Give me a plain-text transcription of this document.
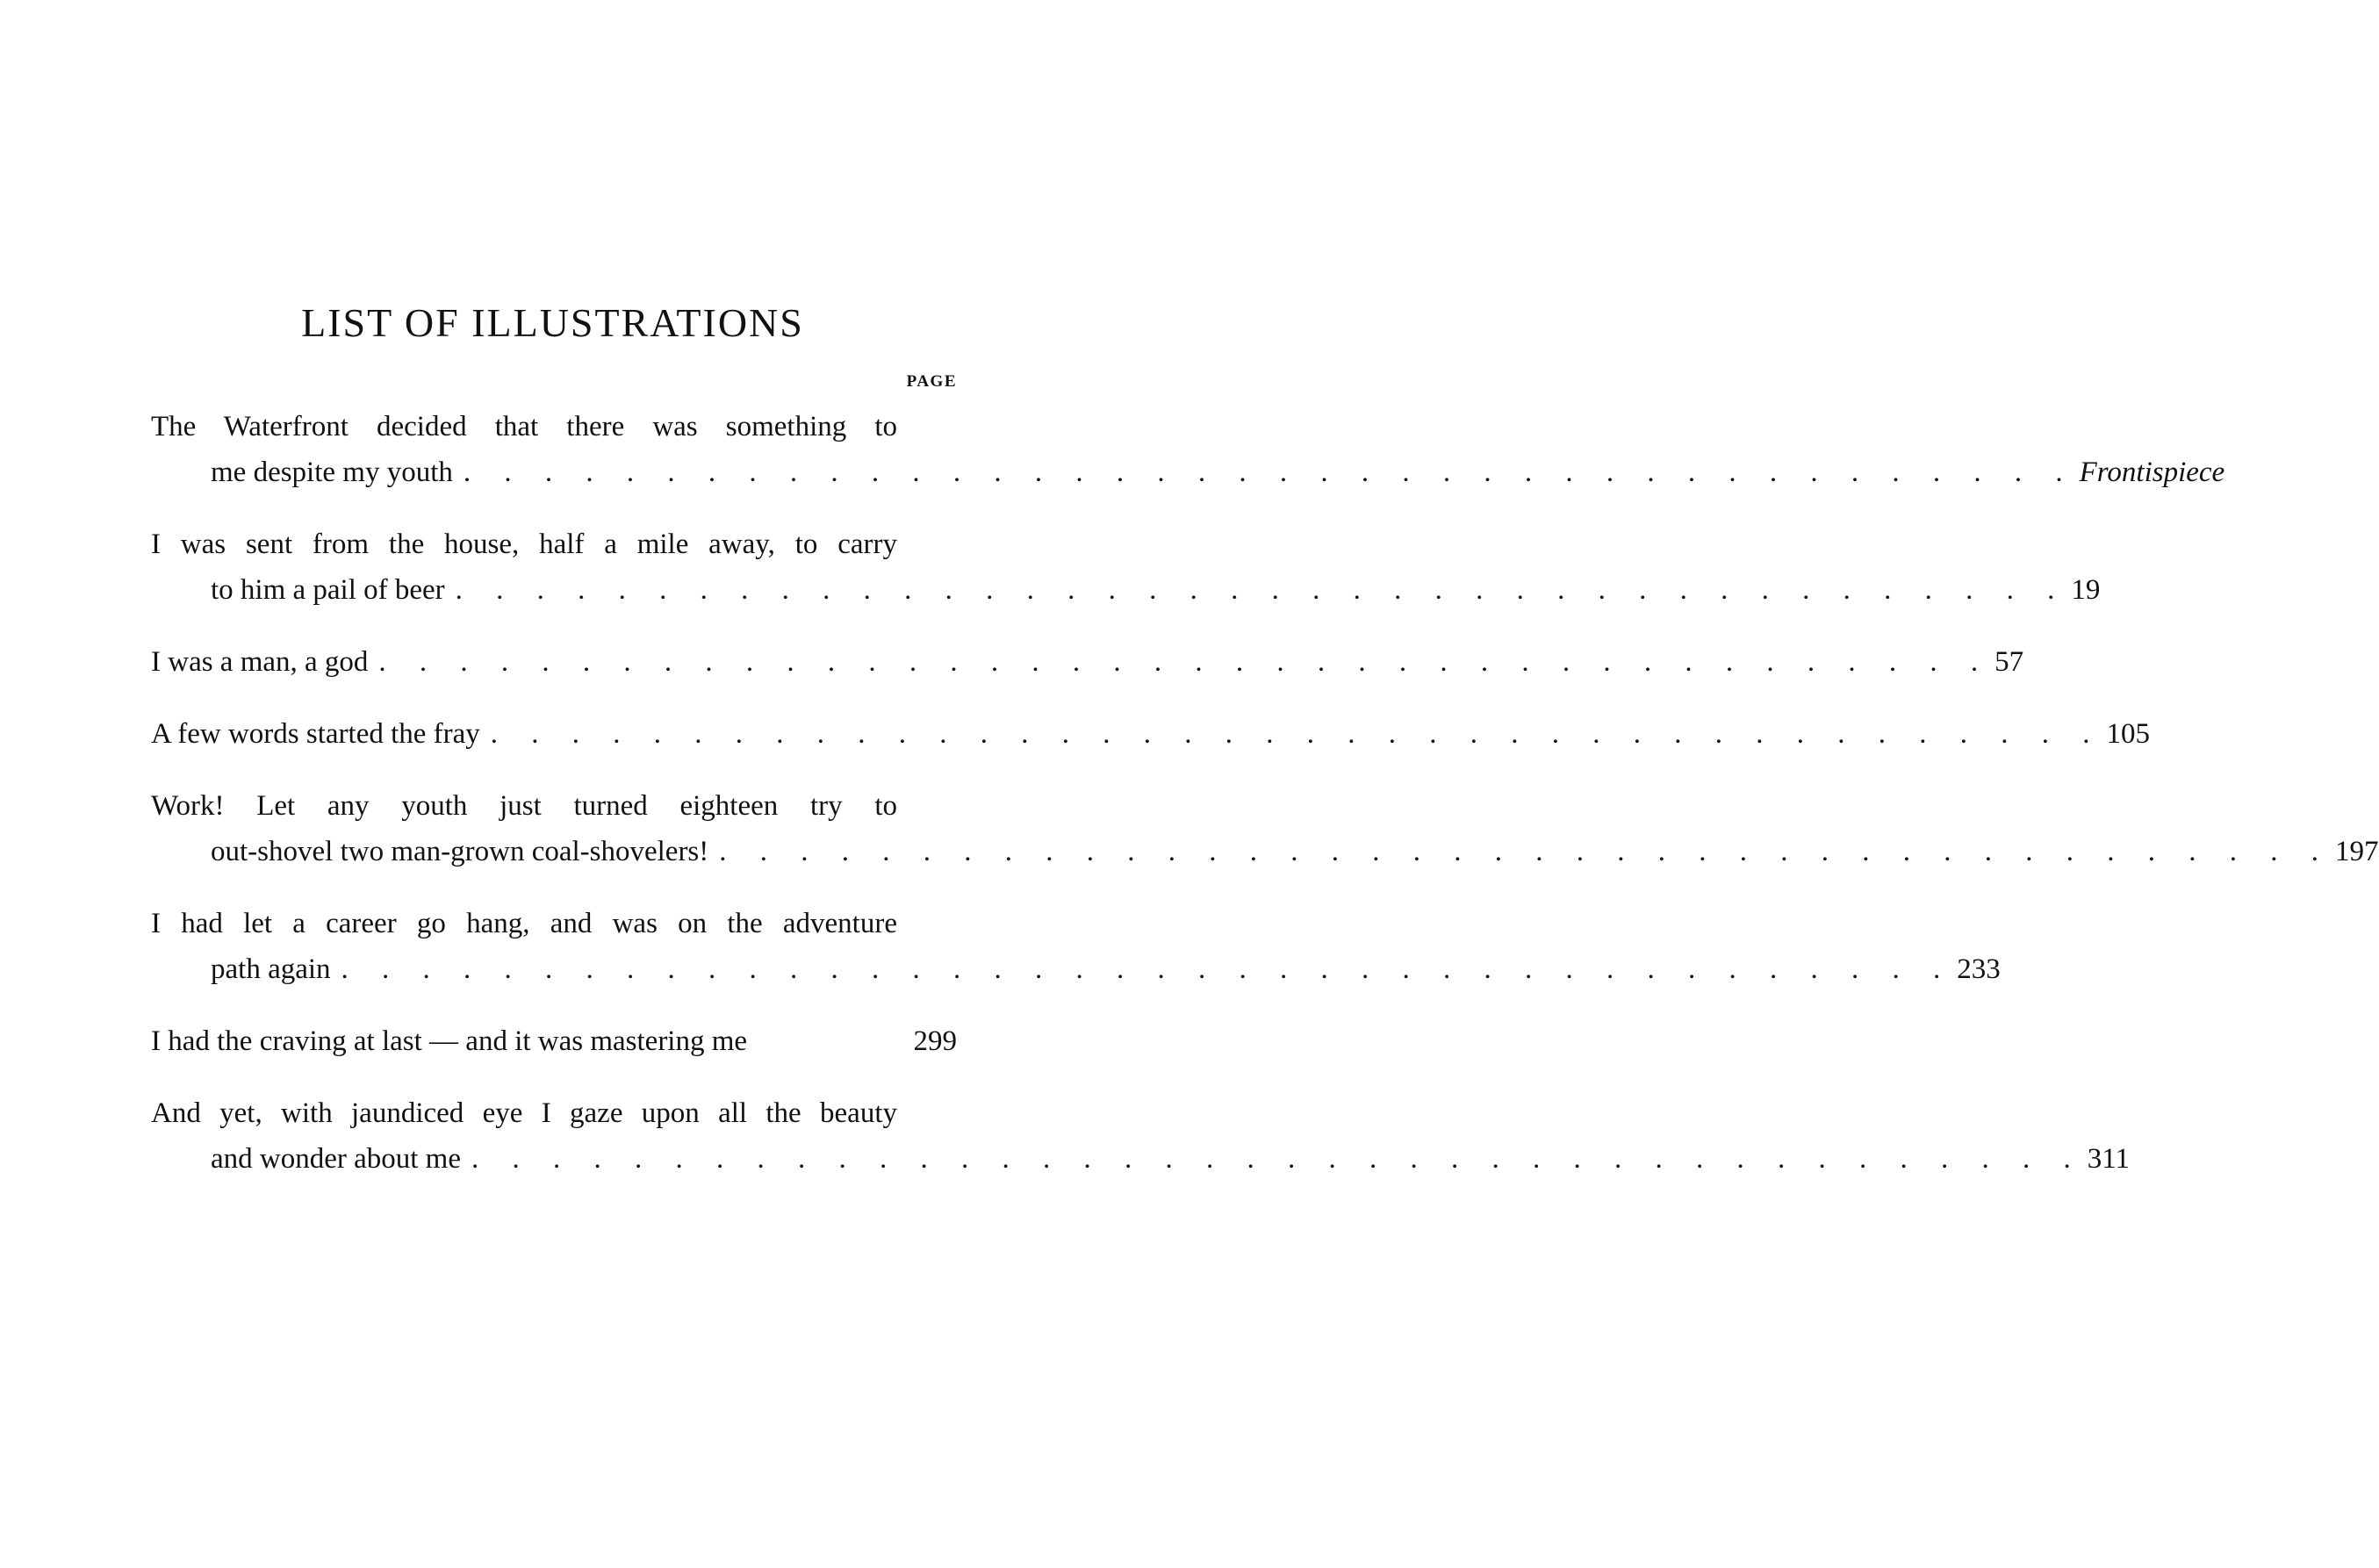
LIST OF ILLUSTRATIONS
PAGE
The Waterfront decided that there was something to
me despite my youth . . . . . . . . . . . . . . . . . . . . . . . . . . . . . . . . . . . . . . . . Frontispiece
I was sent from the house, half a mile away, to carry
to him a pail of beer . . . . . . . . . . . . . . . . . . . . . . . . . . . . . . . . . . . . . . . . 19
I was a man, a god . . . . . . . . . . . . . . . . . . . . . . . . . . . . . . . . . . . . . . . . 57
A few words started the fray . . . . . . . . . . . . . . . . . . . . . . . . . . . . . . . . . . . . . . . . 105
Work! Let any youth just turned eighteen try to
out-shovel two man-grown coal-shovelers! . . . . . . . . . . . . . . . . . . . . . . . . . . . . . . . . . . . . . . . . 197
I had let a career go hang, and was on the adventure
path again . . . . . . . . . . . . . . . . . . . . . . . . . . . . . . . . . . . . . . . . 233
I had the craving at last — and it was mastering me	299
And yet, with jaundiced eye I gaze upon all the beauty
and wonder about me . . . . . . . . . . . . . . . . . . . . . . . . . . . . . . . . . . . . . . . . 311
